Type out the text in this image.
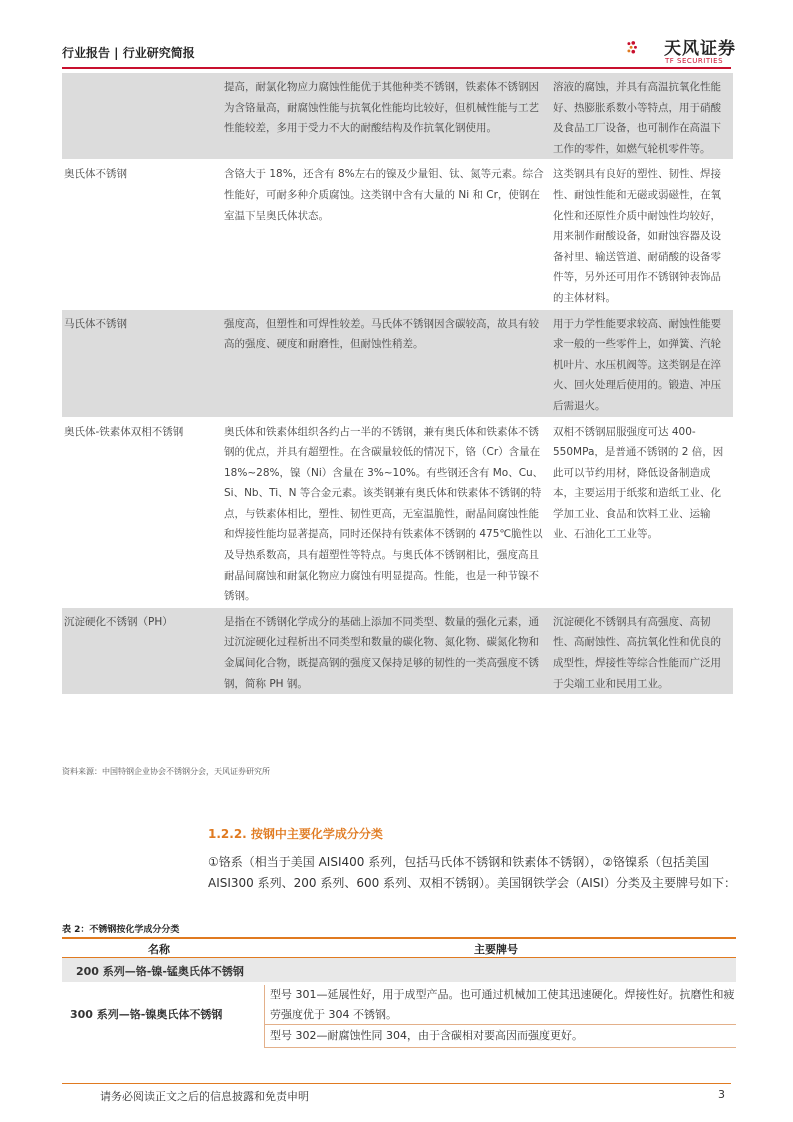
行业报告 | 行业研究简报	天风证券
TF SECURITIES
	提高，耐氯化物应力腐蚀性能优于其他种类不锈钢，铁素体不锈钢因为含铬量高，耐腐蚀性能与抗氧化性能均比较好，但机械性能与工艺性能较差，多用于受力不大的耐酸结构及作抗氧化钢使用。	溶液的腐蚀，并具有高温抗氧化性能好、热膨胀系数小等特点，用于硝酸及食品工厂设备，也可制作在高温下工作的零件，如燃气轮机零件等。
奥氏体不锈钢	含铬大于 18%，还含有 8%左右的镍及少量钼、钛、氮等元素。综合性能好，可耐多种介质腐蚀。这类钢中含有大量的 Ni 和 Cr，使钢在室温下呈奥氏体状态。	这类钢具有良好的塑性、韧性、焊接性、耐蚀性能和无磁或弱磁性，在氧化性和还原性介质中耐蚀性均较好，用来制作耐酸设备，如耐蚀容器及设备衬里、输送管道、耐硝酸的设备零件等，另外还可用作不锈钢钟表饰品的主体材料。
马氏体不锈钢	强度高，但塑性和可焊性较差。马氏体不锈钢因含碳较高，故具有较高的强度、硬度和耐磨性，但耐蚀性稍差。	用于力学性能要求较高、耐蚀性能要求一般的一些零件上，如弹簧、汽轮机叶片、水压机阀等。这类钢是在淬火、回火处理后使用的。锻造、冲压后需退火。
奥氏体-铁素体双相不锈钢	奥氏体和铁素体组织各约占一半的不锈钢，兼有奥氏体和铁素体不锈钢的优点，并具有超塑性。在含碳量较低的情况下，铬（Cr）含量在 18%~28%，镍（Ni）含量在 3%~10%。有些钢还含有 Mo、Cu、Si、Nb、Ti、N 等合金元素。该类钢兼有奥氏体和铁素体不锈钢的特点，与铁素体相比，塑性、韧性更高，无室温脆性，耐晶间腐蚀性能和焊接性能均显著提高，同时还保持有铁素体不锈钢的 475℃脆性以及导热系数高，具有超塑性等特点。与奥氏体不锈钢相比，强度高且耐晶间腐蚀和耐氯化物应力腐蚀有明显提高。性能，也是一种节镍不锈钢。	双相不锈钢屈服强度可达 400-550MPa，是普通不锈钢的 2 倍，因此可以节约用材，降低设备制造成本，主要运用于纸浆和造纸工业、化学加工业、食品和饮料工业、运输业、石油化工工业等。
沉淀硬化不锈钢（PH）	是指在不锈钢化学成分的基础上添加不同类型、数量的强化元素，通过沉淀硬化过程析出不同类型和数量的碳化物、氮化物、碳氮化物和金属间化合物，既提高钢的强度又保持足够的韧性的一类高强度不锈钢，简称 PH 钢。	沉淀硬化不锈钢具有高强度、高韧性、高耐蚀性、高抗氧化性和优良的成型性，焊接性等综合性能而广泛用于尖端工业和民用工业。
资料来源：中国特钢企业协会不锈钢分会，天风证券研究所
1.2.2. 按钢中主要化学成分分类
①铬系（相当于美国 AISI400 系列，包括马氏体不锈钢和铁素体不锈钢），②铬镍系（包括美国 AISI300 系列、200 系列、600 系列、双相不锈钢）。美国钢铁学会（AISI）分类及主要牌号如下：
表 2：不锈钢按化学成分分类
名称	主要牌号
200 系列—铬-镍-锰奥氏体不锈钢
300 系列—铬-镍奥氏体不锈钢
型号 301—延展性好，用于成型产品。也可通过机械加工使其迅速硬化。焊接性好。抗磨性和疲劳强度优于 304 不锈钢。
型号 302—耐腐蚀性同 304，由于含碳相对要高因而强度更好。
请务必阅读正文之后的信息披露和免责申明	3
